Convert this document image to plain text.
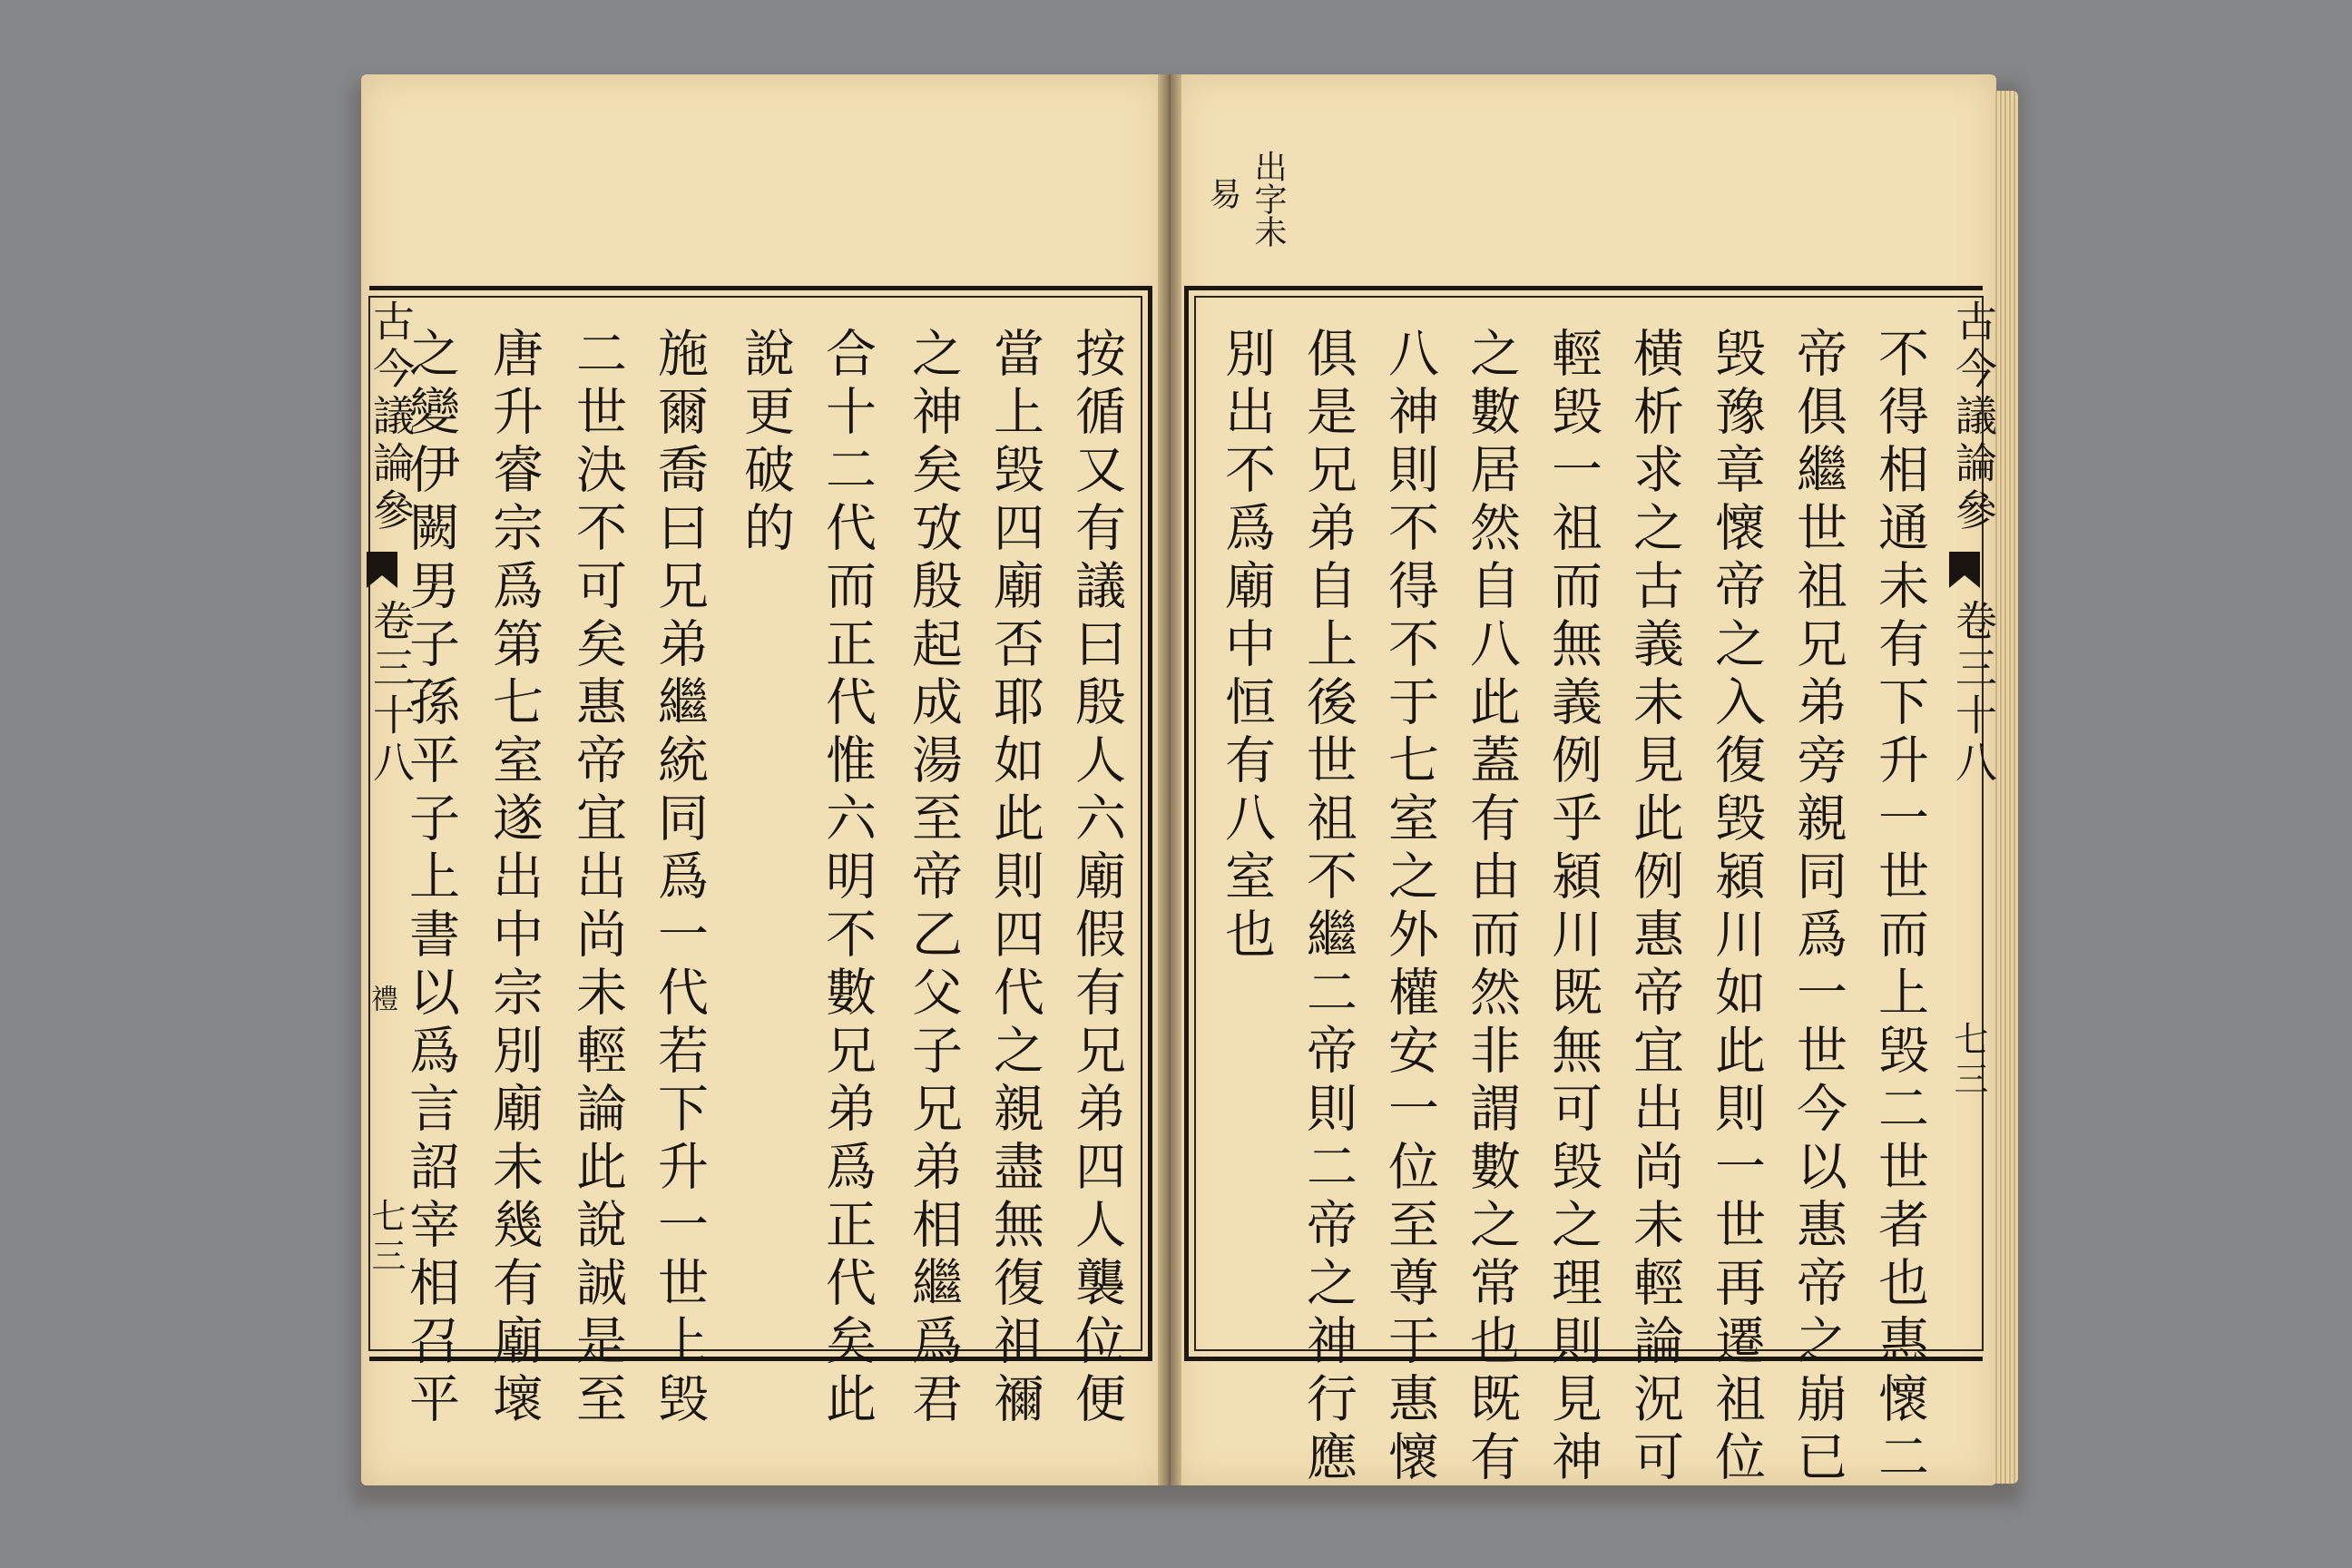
古今議論參
卷三十八
禮
七三	按循又有議曰殷人六廟假有兄弟四人襲位便
當上毁四廟否耶如此則四代之親盡無復祖禰
之神矣攷殷起成湯至帝乙父子兄弟相繼爲君
合十二代而正代惟六明不數兄弟爲正代矣此
說更破的
施爾喬曰兄弟繼統同爲一代若下升一世上毁
二世決不可矣惠帝宜出尚未輕論此說誠是至
唐升睿宗爲第七室遂出中宗別廟未幾有廟壞
之變伊闕男子孫平子上書以爲言詔宰相召平
出字未
易
古今議論參
卷三十八
七三
不得相通未有下升一世而上毁二世者也惠懷二
帝俱繼世祖兄弟旁親同爲一世今以惠帝之崩已
毁豫章懷帝之入復毁潁川如此則一世再遷祖位
横析求之古義未見此例惠帝宜出尚未輕論況可
輕毁一祖而無義例乎潁川既無可毁之理則見神
之數居然自八此蓋有由而然非謂數之常也既有
八神則不得不于七室之外權安一位至尊于惠懷
俱是兄弟自上後世祖不繼二帝則二帝之神行應
別出不爲廟中恒有八室也
